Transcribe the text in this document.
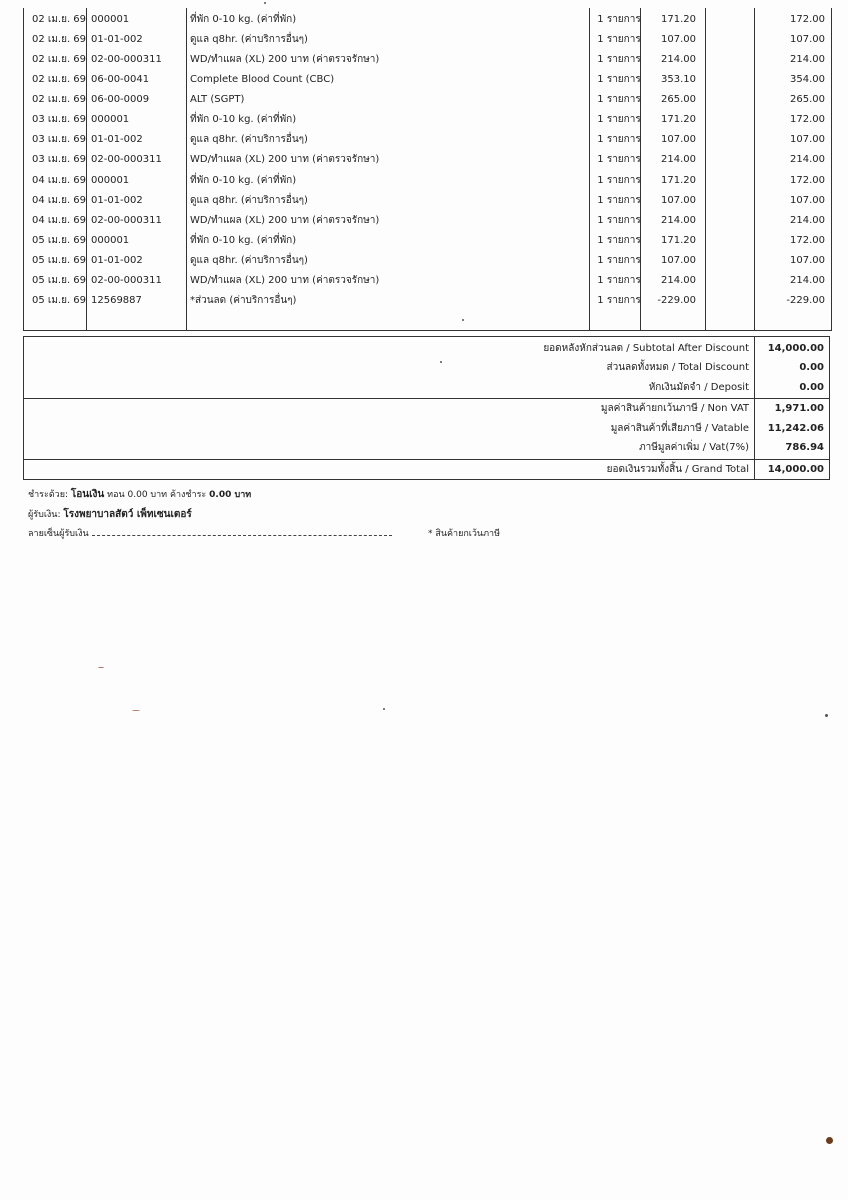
02 เม.ย. 69 000001	ที่พัก 0-10 kg. (ค่าที่พัก)	1 รายการ	171.20	172.00
02 เม.ย. 69 01-01-002	ดูแล q8hr. (ค่าบริการอื่นๆ)	1 รายการ	107.00	107.00
02 เม.ย. 69 02-00-000311	WD/ทำแผล (XL) 200 บาท (ค่าตรวจรักษา)	1 รายการ	214.00	214.00
02 เม.ย. 69 06-00-0041	Complete Blood Count (CBC)	1 รายการ	353.10	354.00
02 เม.ย. 69 06-00-0009	ALT (SGPT)	1 รายการ	265.00	265.00
03 เม.ย. 69 000001	ที่พัก 0-10 kg. (ค่าที่พัก)	1 รายการ	171.20	172.00
03 เม.ย. 69 01-01-002	ดูแล q8hr. (ค่าบริการอื่นๆ)	1 รายการ	107.00	107.00
03 เม.ย. 69 02-00-000311	WD/ทำแผล (XL) 200 บาท (ค่าตรวจรักษา)	1 รายการ	214.00	214.00
04 เม.ย. 69 000001	ที่พัก 0-10 kg. (ค่าที่พัก)	1 รายการ	171.20	172.00
04 เม.ย. 69 01-01-002	ดูแล q8hr. (ค่าบริการอื่นๆ)	1 รายการ	107.00	107.00
04 เม.ย. 69 02-00-000311	WD/ทำแผล (XL) 200 บาท (ค่าตรวจรักษา)	1 รายการ	214.00	214.00
05 เม.ย. 69 000001	ที่พัก 0-10 kg. (ค่าที่พัก)	1 รายการ	171.20	172.00
05 เม.ย. 69 01-01-002	ดูแล q8hr. (ค่าบริการอื่นๆ)	1 รายการ	107.00	107.00
05 เม.ย. 69 02-00-000311	WD/ทำแผล (XL) 200 บาท (ค่าตรวจรักษา)	1 รายการ	214.00	214.00
05 เม.ย. 69 12569887	*ส่วนลด (ค่าบริการอื่นๆ)	1 รายการ	-229.00	-229.00
ยอดหลังหักส่วนลด / Subtotal After Discount	14,000.00
ส่วนลดทั้งหมด / Total Discount	0.00
หักเงินมัดจำ / Deposit	0.00
มูลค่าสินค้ายกเว้นภาษี / Non VAT	1,971.00
มูลค่าสินค้าที่เสียภาษี / Vatable	11,242.06
ภาษีมูลค่าเพิ่ม / Vat(7%)	786.94
ยอดเงินรวมทั้งสิ้น / Grand Total	14,000.00
ชำระด้วย: โอนเงิน ทอน 0.00 บาท ค้างชำระ 0.00 บาท
ผู้รับเงิน: โรงพยาบาลสัตว์ เพ็ทเซนเตอร์
ลายเซ็นผู้รับเงิน	* สินค้ายกเว้นภาษี
